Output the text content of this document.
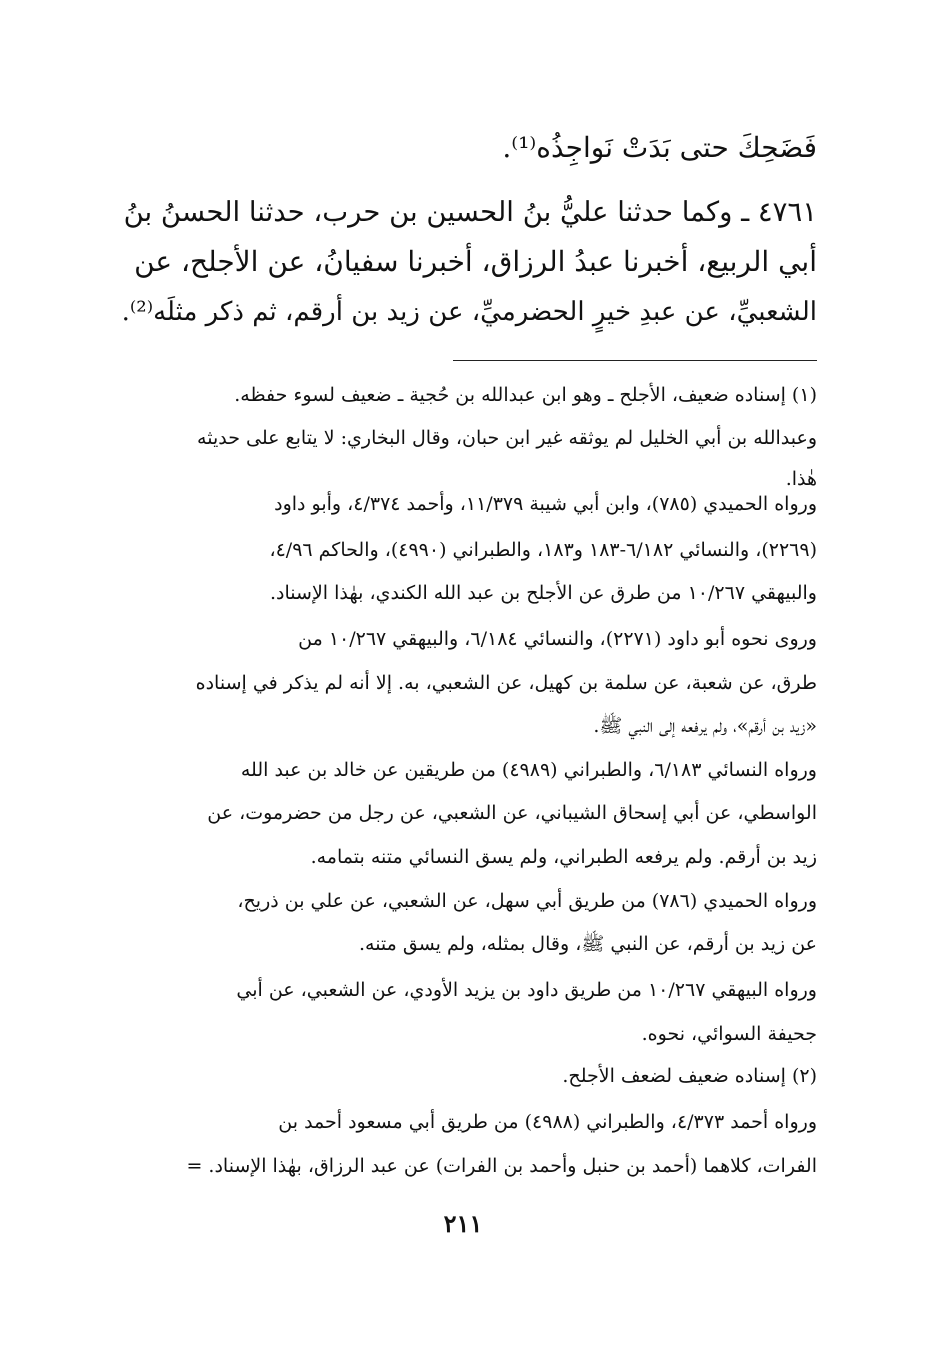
فَضَحِكَ حتى بَدَتْ نَواجِذُه⁽¹⁾.
٤٧٦١ ـ وكما حدثنا عليُّ بنُ الحسين بن حرب، حدثنا الحسنُ بنُ
أبي الربيع، أخبرنا عبدُ الرزاق، أخبرنا سفيانُ، عن الأجلح، عن
الشعبيِّ، عن عبدِ خيرٍ الحضرميِّ، عن زيد بن أرقم، ثم ذكر مثلَه⁽²⁾.
(١) إسناده ضعيف، الأجلح ـ وهو ابن عبدالله بن حُجية ـ ضعيف لسوء حفظه.
وعبدالله بن أبي الخليل لم يوثقه غير ابن حبان، وقال البخاري: لا يتابع على حديثه
هٰذا.
ورواه الحميدي (٧٨٥)، وابن أبي شيبة ١١/٣٧٩، وأحمد ٤/٣٧٤، وأبو داود
(٢٢٦٩)، والنسائي ٦/١٨٢-١٨٣ و١٨٣، والطبراني (٤٩٩٠)، والحاكم ٤/٩٦،
والبيهقي ١٠/٢٦٧ من طرق عن الأجلح بن عبد الله الكندي، بهٰذا الإسناد.
وروى نحوه أبو داود (٢٢٧١)، والنسائي ٦/١٨٤، والبيهقي ١٠/٢٦٧ من
طرق، عن شعبة، عن سلمة بن كهيل، عن الشعبي، به. إلا أنه لم يذكر في إسناده
«زيد بن أرقم»، ولم يرفعه إلى النبي ﷺ.
ورواه النسائي ٦/١٨٣، والطبراني (٤٩٨٩) من طريقين عن خالد بن عبد الله
الواسطي، عن أبي إسحاق الشيباني، عن الشعبي، عن رجل من حضرموت، عن
زيد بن أرقم. ولم يرفعه الطبراني، ولم يسق النسائي متنه بتمامه.
ورواه الحميدي (٧٨٦) من طريق أبي سهل، عن الشعبي، عن علي بن ذريح،
عن زيد بن أرقم، عن النبي ﷺ، وقال بمثله، ولم يسق متنه.
ورواه البيهقي ١٠/٢٦٧ من طريق داود بن يزيد الأودي، عن الشعبي، عن أبي
جحيفة السوائي، نحوه.
(٢) إسناده ضعيف لضعف الأجلح.
ورواه أحمد ٤/٣٧٣، والطبراني (٤٩٨٨) من طريق أبي مسعود أحمد بن
الفرات، كلاهما (أحمد بن حنبل وأحمد بن الفرات) عن عبد الرزاق، بهٰذا الإسناد. =
٢١١
